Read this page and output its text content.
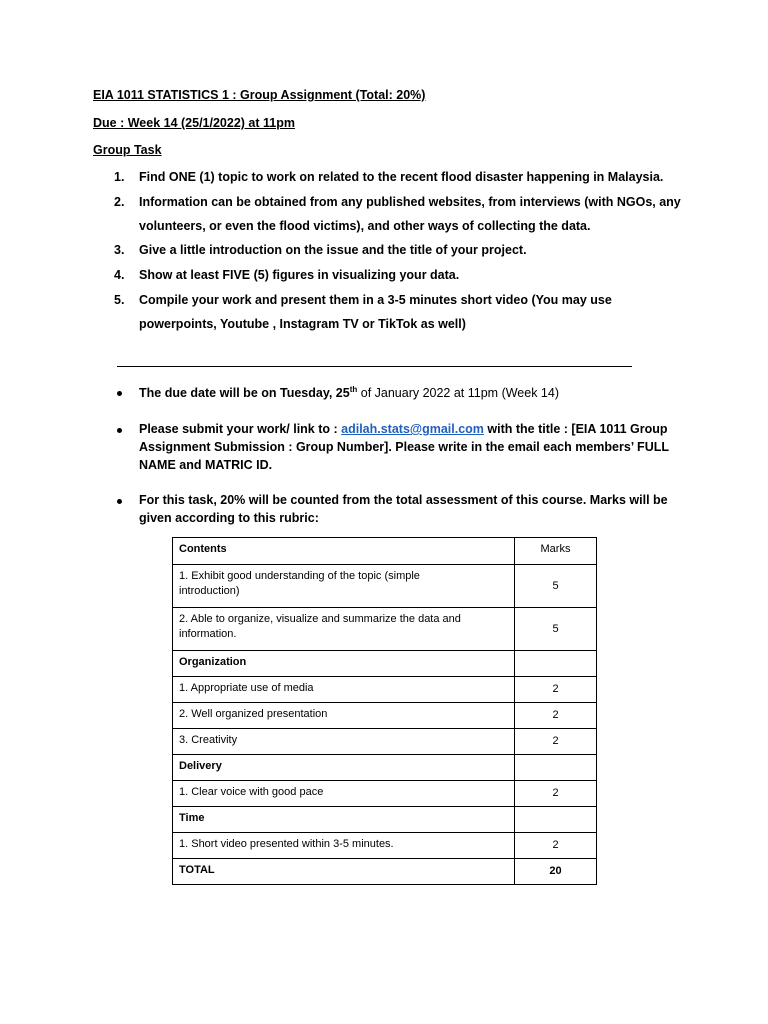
EIA 1011 STATISTICS 1 : Group Assignment (Total: 20%)
Due : Week 14 (25/1/2022) at 11pm
Group Task
1.	Find ONE (1) topic to work on related to the recent flood disaster happening in Malaysia.
2.	Information can be obtained from any published websites, from interviews (with NGOs, any
volunteers, or even the flood victims), and other ways of collecting the data.
3.	Give a little introduction on the issue and the title of your project.
4.	Show at least FIVE (5) figures in visualizing your data.
5.	Compile your work and present them in a 3-5 minutes short video (You may use
powerpoints, Youtube , Instagram TV or TikTok as well)
The due date will be on Tuesday, 25th of January 2022 at 11pm (Week 14)
Please submit your work/ link to : adilah.stats@gmail.com with the title : [EIA 1011 Group
Assignment Submission : Group Number]. Please write in the email each members’ FULL
NAME and MATRIC ID.
For this task, 20% will be counted from the total assessment of this course. Marks will be
given according to this rubric:
Contents	Marks
1. Exhibit good understanding of the topic (simple
introduction)	5
2. Able to organize, visualize and summarize the data and
information.	5
Organization	
1. Appropriate use of media	2
2. Well organized presentation	2
3. Creativity	2
Delivery	
1. Clear voice with good pace	2
Time	
1. Short video presented within 3-5 minutes.	2
TOTAL	20
